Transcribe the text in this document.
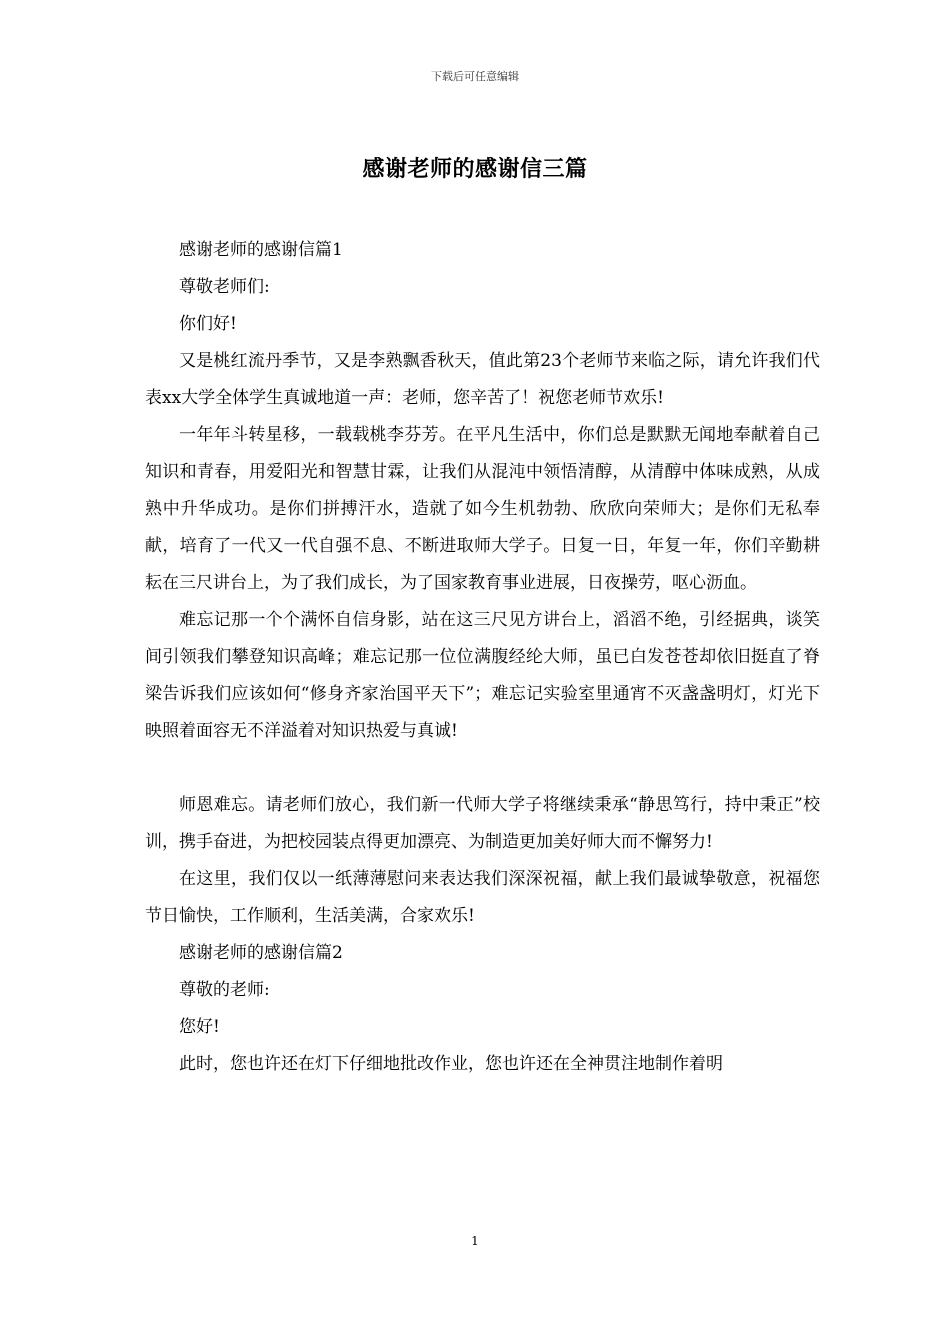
下载后可任意编辑
感谢老师的感谢信三篇

感谢老师的感谢信篇1

尊敬老师们:

你们好!

又是桃红流丹季节，又是李熟飘香秋天，值此第23个老师节来临之际，请允许我们代表xx大学全体学生真诚地道一声：老师，您辛苦了！祝您老师节欢乐!

一年年斗转星移，一载载桃李芬芳。在平凡生活中，你们总是默默无闻地奉献着自己知识和青春，用爱阳光和智慧甘霖，让我们从混沌中领悟清醇，从清醇中体味成熟，从成熟中升华成功。是你们拼搏汗水，造就了如今生机勃勃、欣欣向荣师大；是你们无私奉献，培育了一代又一代自强不息、不断进取师大学子。日复一日，年复一年，你们辛勤耕耘在三尺讲台上，为了我们成长，为了国家教育事业进展，日夜操劳，呕心沥血。

难忘记那一个个满怀自信身影，站在这三尺见方讲台上，滔滔不绝，引经据典，谈笑间引领我们攀登知识高峰；难忘记那一位位满腹经纶大师，虽已白发苍苍却依旧挺直了脊梁告诉我们应该如何“修身齐家治国平天下”；难忘记实验室里通宵不灭盏盏明灯，灯光下映照着面容无不洋溢着对知识热爱与真诚!

师恩难忘。请老师们放心，我们新一代师大学子将继续秉承“静思笃行，持中秉正”校训，携手奋进，为把校园装点得更加漂亮、为制造更加美好师大而不懈努力!

在这里，我们仅以一纸薄薄慰问来表达我们深深祝福，献上我们最诚挚敬意，祝福您节日愉快，工作顺利，生活美满，合家欢乐!

感谢老师的感谢信篇2

尊敬的老师:

您好!

此时，您也许还在灯下仔细地批改作业，您也许还在全神贯注地制作着明

1
